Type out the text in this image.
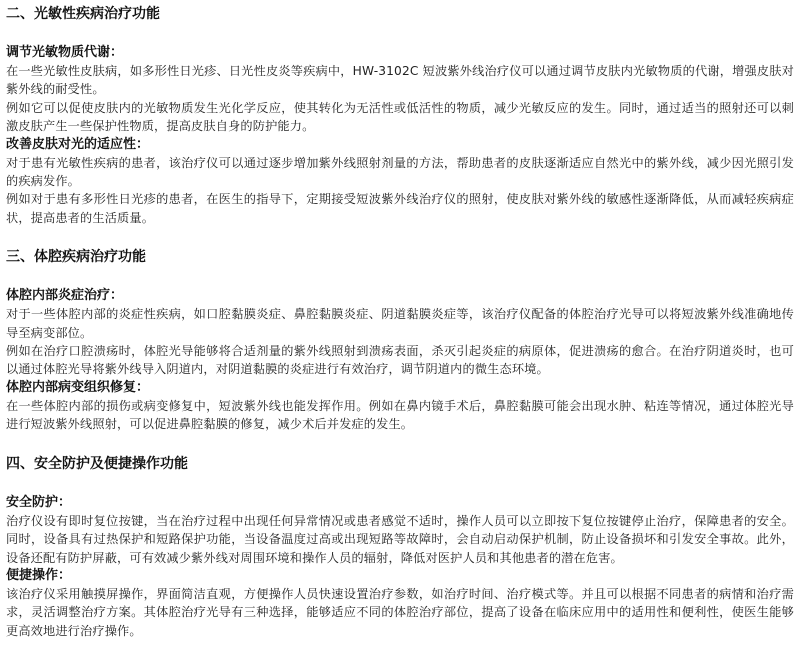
二、光敏性疾病治疗功能
调节光敏物质代谢：

在一些光敏性皮肤病，如多形性日光疹、日光性皮炎等疾病中，HW-3102C 短波紫外线治疗仪可以通过调节皮肤内光敏物质的代谢，增强皮肤对紫外线的耐受性。

例如它可以促使皮肤内的光敏物质发生光化学反应，使其转化为无活性或低活性的物质，减少光敏反应的发生。同时，通过适当的照射还可以刺激皮肤产生一些保护性物质，提高皮肤自身的防护能力。

改善皮肤对光的适应性：

对于患有光敏性疾病的患者，该治疗仪可以通过逐步增加紫外线照射剂量的方法，帮助患者的皮肤逐渐适应自然光中的紫外线，减少因光照引发的疾病发作。

例如对于患有多形性日光疹的患者，在医生的指导下，定期接受短波紫外线治疗仪的照射，使皮肤对紫外线的敏感性逐渐降低，从而减轻疾病症状，提高患者的生活质量。

三、体腔疾病治疗功能
体腔内部炎症治疗：

对于一些体腔内部的炎症性疾病，如口腔黏膜炎症、鼻腔黏膜炎症、阴道黏膜炎症等，该治疗仪配备的体腔治疗光导可以将短波紫外线准确地传导至病变部位。

例如在治疗口腔溃疡时，体腔光导能够将合适剂量的紫外线照射到溃疡表面，杀灭引起炎症的病原体，促进溃疡的愈合。在治疗阴道炎时，也可以通过体腔光导将紫外线导入阴道内，对阴道黏膜的炎症进行有效治疗，调节阴道内的微生态环境。

体腔内部病变组织修复：

在一些体腔内部的损伤或病变修复中，短波紫外线也能发挥作用。例如在鼻内镜手术后，鼻腔黏膜可能会出现水肿、粘连等情况，通过体腔光导进行短波紫外线照射，可以促进鼻腔黏膜的修复，减少术后并发症的发生。

四、安全防护及便捷操作功能
安全防护：

治疗仪设有即时复位按键，当在治疗过程中出现任何异常情况或患者感觉不适时，操作人员可以立即按下复位按键停止治疗，保障患者的安全。同时，设备具有过热保护和短路保护功能，当设备温度过高或出现短路等故障时，会自动启动保护机制，防止设备损坏和引发安全事故。此外，设备还配有防护屏蔽，可有效减少紫外线对周围环境和操作人员的辐射，降低对医护人员和其他患者的潜在危害。

便捷操作：

该治疗仪采用触摸屏操作，界面简洁直观，方便操作人员快速设置治疗参数，如治疗时间、治疗模式等。并且可以根据不同患者的病情和治疗需求，灵活调整治疗方案。其体腔治疗光导有三种选择，能够适应不同的体腔治疗部位，提高了设备在临床应用中的适用性和便利性，使医生能够更高效地进行治疗操作。
